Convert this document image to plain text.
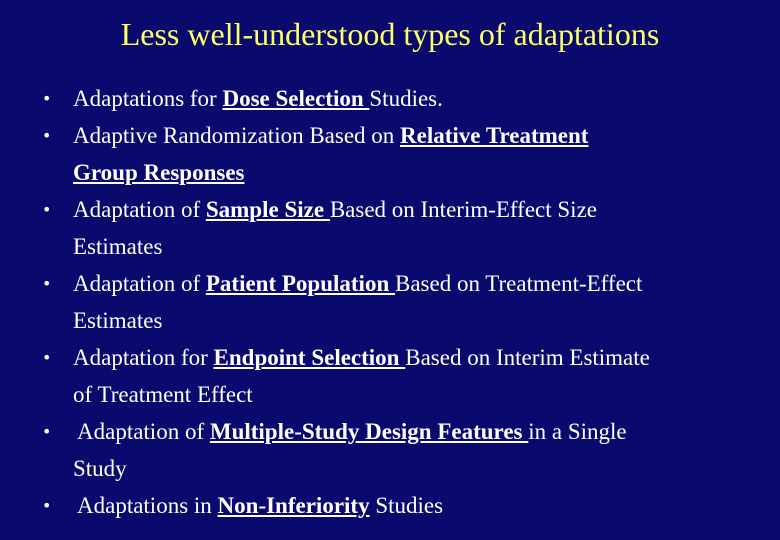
Less well-understood types of adaptations
• Adaptations for Dose Selection Studies.
• Adaptive Randomization Based on Relative Treatment
Group Responses
• Adaptation of Sample Size Based on Interim-Effect Size
Estimates
• Adaptation of Patient Population Based on Treatment-Effect
Estimates
• Adaptation for Endpoint Selection Based on Interim Estimate
of Treatment Effect
• Adaptation of Multiple-Study Design Features in a Single
Study
• Adaptations in Non-Inferiority Studies
